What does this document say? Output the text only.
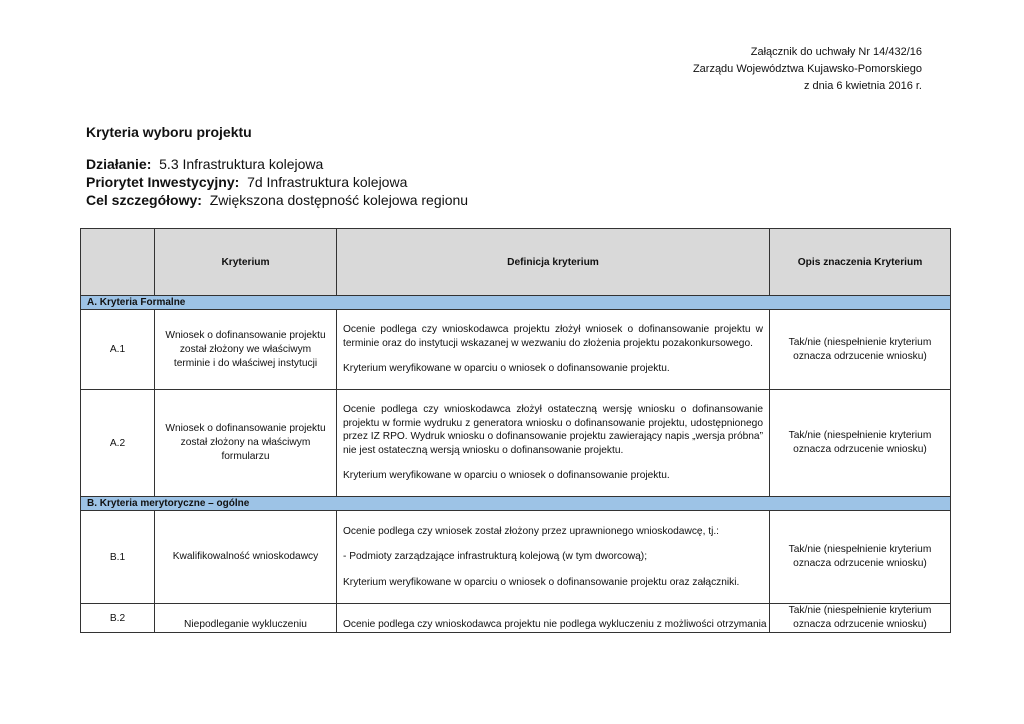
Załącznik do uchwały Nr 14/432/16
Zarządu Województwa Kujawsko-Pomorskiego
z dnia 6 kwietnia 2016 r.
Kryteria wyboru projektu
Działanie: 5.3 Infrastruktura kolejowa
Priorytet Inwestycyjny: 7d Infrastruktura kolejowa
Cel szczegółowy: Zwiększona dostępność kolejowa regionu
	Kryterium	Definicja kryterium	Opis znaczenia Kryterium
A. Kryteria Formalne			
A.1	Wniosek o dofinansowanie projektu został złożony we właściwym terminie i do właściwej instytucji	Ocenie podlega czy wnioskodawca projektu złożył wniosek o dofinansowanie projektu w terminie oraz do instytucji wskazanej w wezwaniu do złożenia projektu pozakonkursowego.

Kryterium weryfikowane w oparciu o wniosek o dofinansowanie projektu.	Tak/nie (niespełnienie kryterium oznacza odrzucenie wniosku)
A.2	Wniosek o dofinansowanie projektu został złożony na właściwym formularzu	Ocenie podlega czy wnioskodawca złożył ostateczną wersję wniosku o dofinansowanie projektu w formie wydruku z generatora wniosku o dofinansowanie projektu, udostępnionego przez IZ RPO. Wydruk wniosku o dofinansowanie projektu zawierający napis „wersja próbna” nie jest ostateczną wersją wniosku o dofinansowanie projektu.

Kryterium weryfikowane w oparciu o wniosek o dofinansowanie projektu.	Tak/nie (niespełnienie kryterium oznacza odrzucenie wniosku)
B. Kryteria merytoryczne – ogólne			
B.1	Kwalifikowalność wnioskodawcy	Ocenie podlega czy wniosek został złożony przez uprawnionego wnioskodawcę, tj.:

- Podmioty zarządzające infrastrukturą kolejową (w tym dworcową);

Kryterium weryfikowane w oparciu o wniosek o dofinansowanie projektu oraz załączniki.	Tak/nie (niespełnienie kryterium oznacza odrzucenie wniosku)
B.2	Niepodleganie wykluczeniu	Ocenie podlega czy wnioskodawca projektu nie podlega wykluczeniu z możliwości otrzymania	Tak/nie (niespełnienie kryterium oznacza odrzucenie wniosku)
